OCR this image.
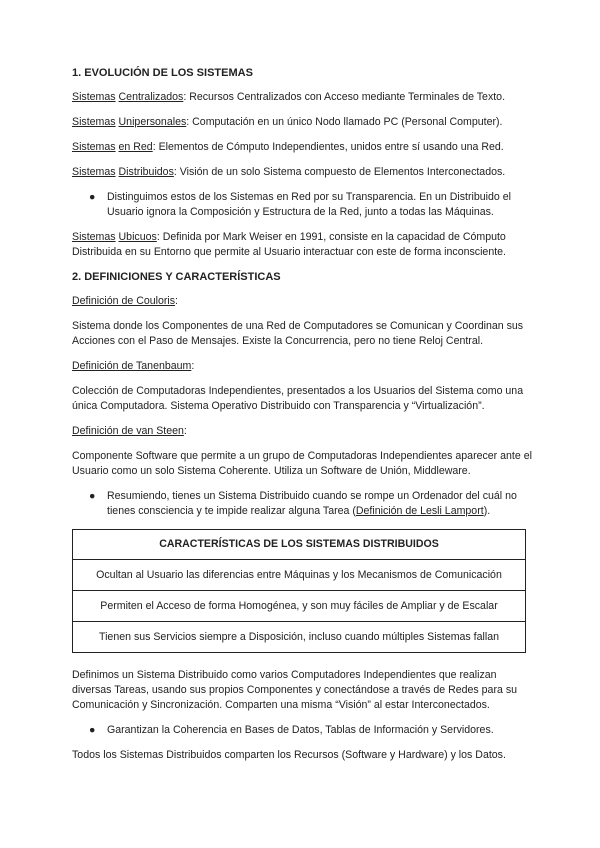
1. EVOLUCIÓN DE LOS SISTEMAS
Sistemas Centralizados: Recursos Centralizados con Acceso mediante Terminales de Texto.
Sistemas Unipersonales: Computación en un único Nodo llamado PC (Personal Computer).
Sistemas en Red: Elementos de Cómputo Independientes, unidos entre sí usando una Red.
Sistemas Distribuidos: Visión de un solo Sistema compuesto de Elementos Interconectados.
● Distinguimos estos de los Sistemas en Red por su Transparencia. En un Distribuido el Usuario ignora la Composición y Estructura de la Red, junto a todas las Máquinas.
Sistemas Ubicuos: Definida por Mark Weiser en 1991, consiste en la capacidad de Cómputo Distribuida en su Entorno que permite al Usuario interactuar con este de forma inconsciente.
2. DEFINICIONES Y CARACTERÍSTICAS
Definición de Couloris:
Sistema donde los Componentes de una Red de Computadores se Comunican y Coordinan sus Acciones con el Paso de Mensajes. Existe la Concurrencia, pero no tiene Reloj Central.
Definición de Tanenbaum:
Colección de Computadoras Independientes, presentados a los Usuarios del Sistema como una única Computadora. Sistema Operativo Distribuido con Transparencia y “Virtualización”.
Definición de van Steen:
Componente Software que permite a un grupo de Computadoras Independientes aparecer ante el Usuario como un solo Sistema Coherente. Utiliza un Software de Unión, Middleware.
● Resumiendo, tienes un Sistema Distribuido cuando se rompe un Ordenador del cuál no tienes consciencia y te impide realizar alguna Tarea (Definición de Lesli Lamport).
CARACTERÍSTICAS DE LOS SISTEMAS DISTRIBUIDOS
Ocultan al Usuario las diferencias entre Máquinas y los Mecanismos de Comunicación
Permiten el Acceso de forma Homogénea, y son muy fáciles de Ampliar y de Escalar
Tienen sus Servicios siempre a Disposición, incluso cuando múltiples Sistemas fallan
Definimos un Sistema Distribuido como varios Computadores Independientes que realizan diversas Tareas, usando sus propios Componentes y conectándose a través de Redes para su Comunicación y Sincronización. Comparten una misma “Visión” al estar Interconectados.
● Garantizan la Coherencia en Bases de Datos, Tablas de Información y Servidores.
Todos los Sistemas Distribuidos comparten los Recursos (Software y Hardware) y los Datos.
